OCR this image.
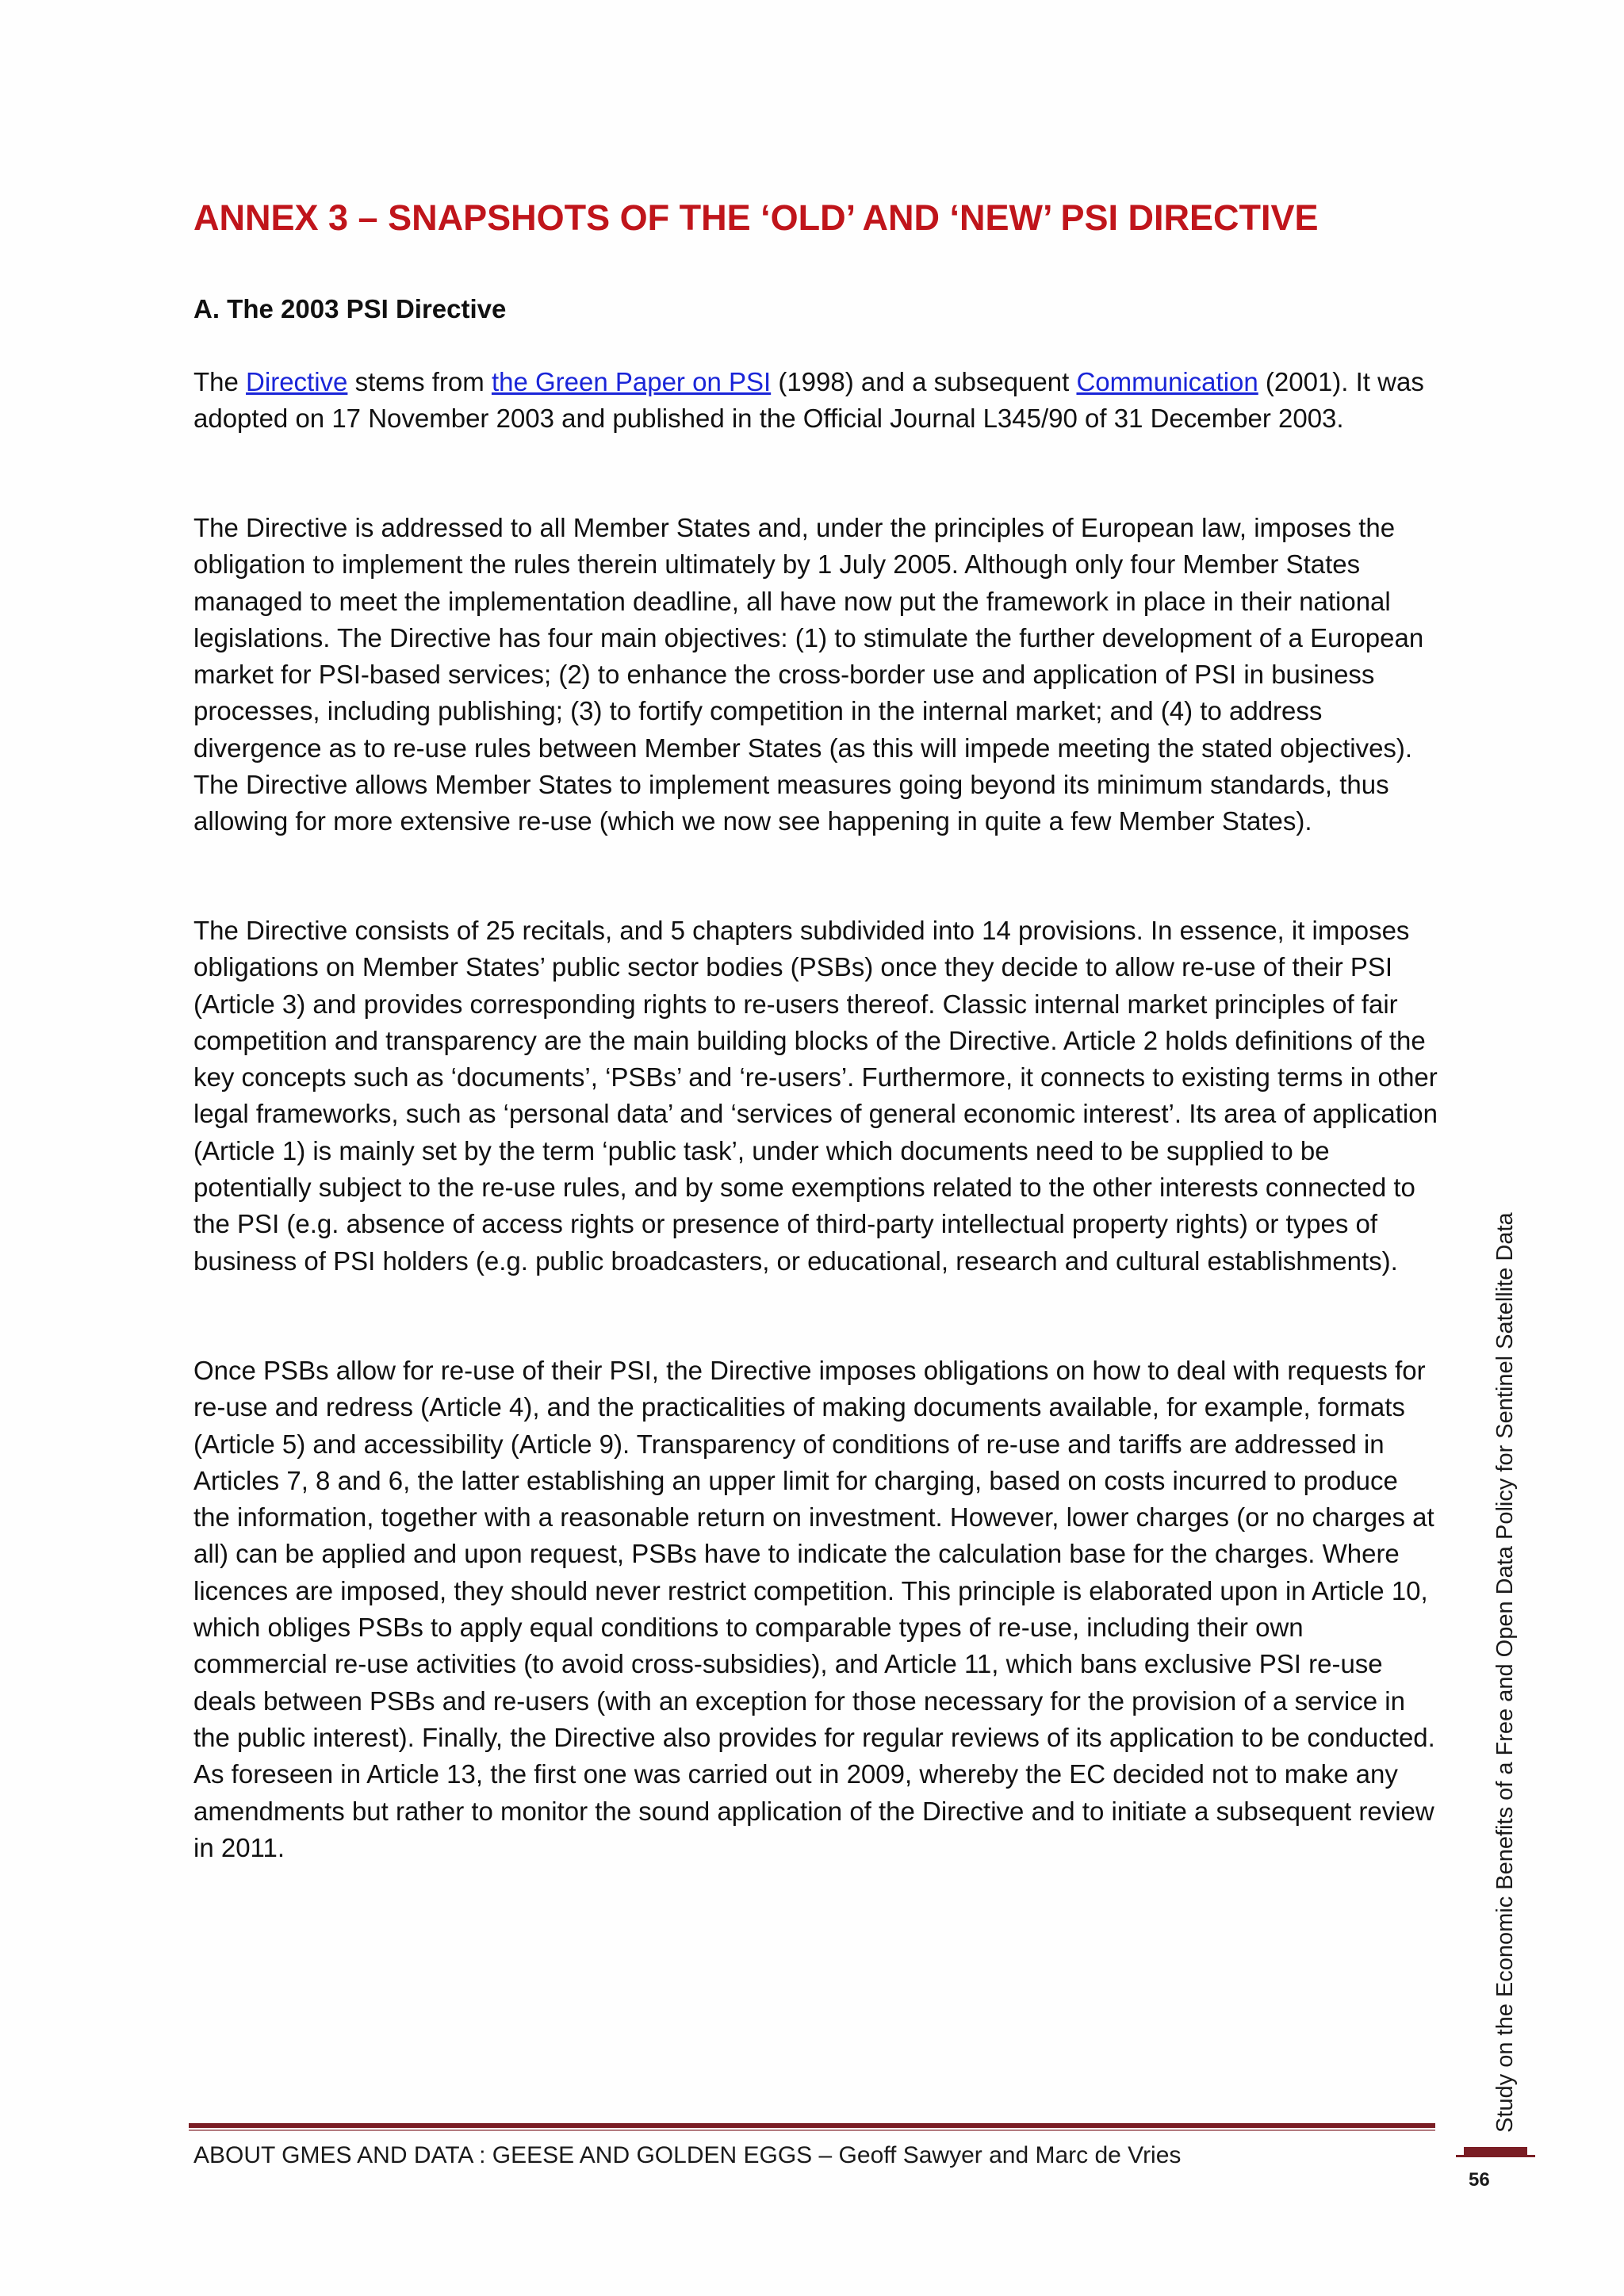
ANNEX 3 – SNAPSHOTS OF THE ‘OLD’ AND ‘NEW’ PSI DIRECTIVE
A. The 2003 PSI Directive

The Directive stems from the Green Paper on PSI (1998) and a subsequent Communication (2001). It was adopted on 17 November 2003 and published in the Official Journal L345/90 of 31 December 2003.

The Directive is addressed to all Member States and, under the principles of European law, imposes the obligation to implement the rules therein ultimately by 1 July 2005. Although only four Member States managed to meet the implementation deadline, all have now put the framework in place in their national legislations. The Directive has four main objectives: (1) to stimulate the further development of a European market for PSI-based services; (2) to enhance the cross-border use and application of PSI in business processes, including publishing; (3) to fortify competition in the internal market; and (4) to address divergence as to re-use rules between Member States (as this will impede meeting the stated objectives). The Directive allows Member States to implement measures going beyond its minimum standards, thus allowing for more extensive re-use (which we now see happening in quite a few Member States).

The Directive consists of 25 recitals, and 5 chapters subdivided into 14 provisions. In essence, it imposes obligations on Member States’ public sector bodies (PSBs) once they decide to allow re-use of their PSI (Article 3) and provides corresponding rights to re-users thereof. Classic internal market principles of fair competition and transparency are the main building blocks of the Directive. Article 2 holds definitions of the key concepts such as ‘documents’, ‘PSBs’ and ‘re-users’. Furthermore, it connects to existing terms in other legal frameworks, such as ‘personal data’ and ‘services of general economic interest’. Its area of application (Article 1) is mainly set by the term ‘public task’, under which documents need to be supplied to be potentially subject to the re-use rules, and by some exemptions related to the other interests connected to the PSI (e.g. absence of access rights or presence of third-party intellectual property rights) or types of business of PSI holders (e.g. public broadcasters, or educational, research and cultural establishments).

Once PSBs allow for re-use of their PSI, the Directive imposes obligations on how to deal with requests for re-use and redress (Article 4), and the practicalities of making documents available, for example, formats (Article 5) and accessibility (Article 9). Transparency of conditions of re-use and tariffs are addressed in Articles 7, 8 and 6, the latter establishing an upper limit for charging, based on costs incurred to produce the information, together with a reasonable return on investment. However, lower charges (or no charges at all) can be applied and upon request, PSBs have to indicate the calculation base for the charges. Where licences are imposed, they should never restrict competition. This principle is elaborated upon in Article 10, which obliges PSBs to apply equal conditions to comparable types of re-use, including their own commercial re-use activities (to avoid cross-subsidies), and Article 11, which bans exclusive PSI re-use deals between PSBs and re-users (with an exception for those necessary for the provision of a service in the public interest). Finally, the Directive also provides for regular reviews of its application to be conducted. As foreseen in Article 13, the first one was carried out in 2009, whereby the EC decided not to make any amendments but rather to monitor the sound application of the Directive and to initiate a subsequent review in 2011.

ABOUT GMES AND DATA : GEESE AND GOLDEN EGGS – Geoff Sawyer and Marc de Vries
Study on the Economic Benefits of a Free and Open Data Policy for Sentinel Satellite Data
56
